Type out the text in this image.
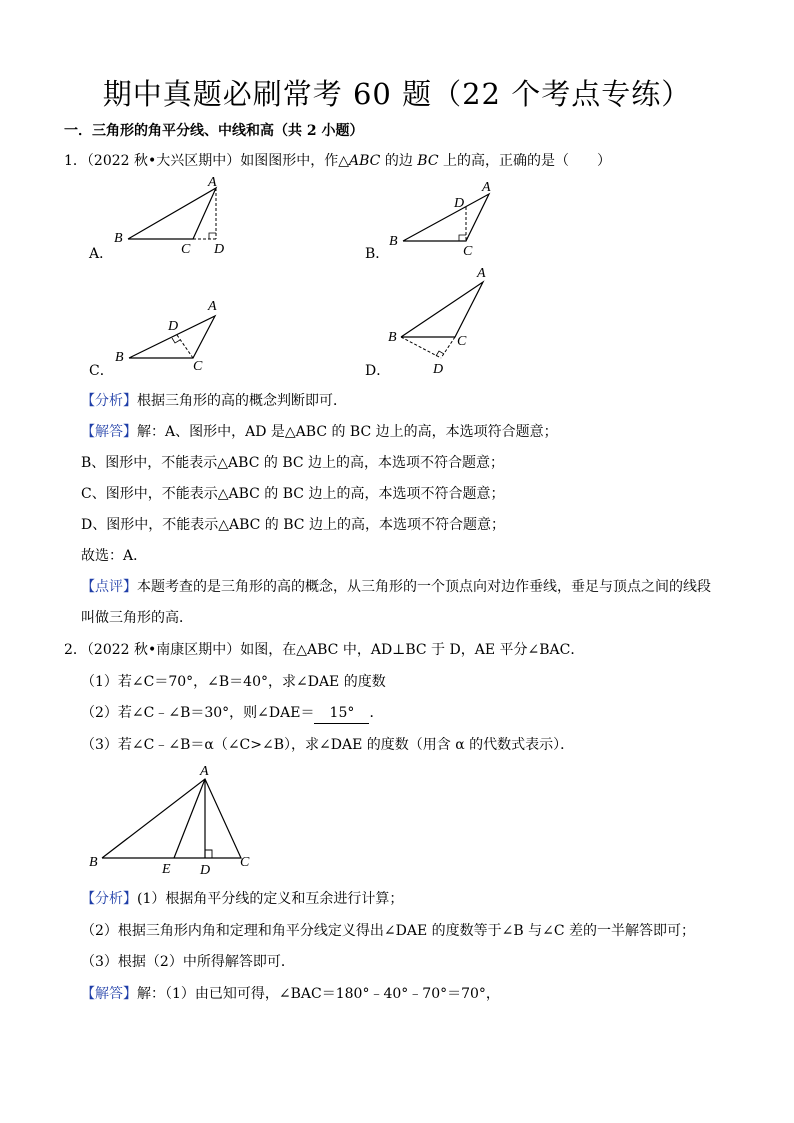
期中真题必刷常考 60 题（22 个考点专练）
一．三角形的角平分线、中线和高（共 2 小题）
1．（2022 秋•大兴区期中）如图图形中，作△ABC 的边 BC 上的高，正确的是（　　）
A．	B．
C．	D．
A
B
C D
A
D
B
C
A
D
B
C
A
B	C
D
A
B	C
E D
【分析】根据三角形的高的概念判断即可．
【解答】解：A、图形中，AD 是△ABC 的 BC 边上的高，本选项符合题意；
B、图形中，不能表示△ABC 的 BC 边上的高，本选项不符合题意；
C、图形中，不能表示△ABC 的 BC 边上的高，本选项不符合题意；
D、图形中，不能表示△ABC 的 BC 边上的高，本选项不符合题意；
故选：A．
【点评】本题考查的是三角形的高的概念，从三角形的一个顶点向对边作垂线，垂足与顶点之间的线段
叫做三角形的高．
2．（2022 秋•南康区期中）如图，在△ABC 中，AD⊥BC 于 D，AE 平分∠BAC．
（1）若∠C＝70°，∠B＝40°，求∠DAE 的度数
（2）若∠C﹣∠B＝30°，则∠DAE＝ 15° ．
（3）若∠C﹣∠B＝α（∠C>∠B），求∠DAE 的度数（用含 α 的代数式表示）．
【分析】(1）根据角平分线的定义和互余进行计算；
（2）根据三角形内角和定理和角平分线定义得出∠DAE 的度数等于∠B 与∠C 差的一半解答即可；
（3）根据（2）中所得解答即可．
【解答】解：（1）由已知可得，∠BAC＝180°﹣40°﹣70°＝70°，
